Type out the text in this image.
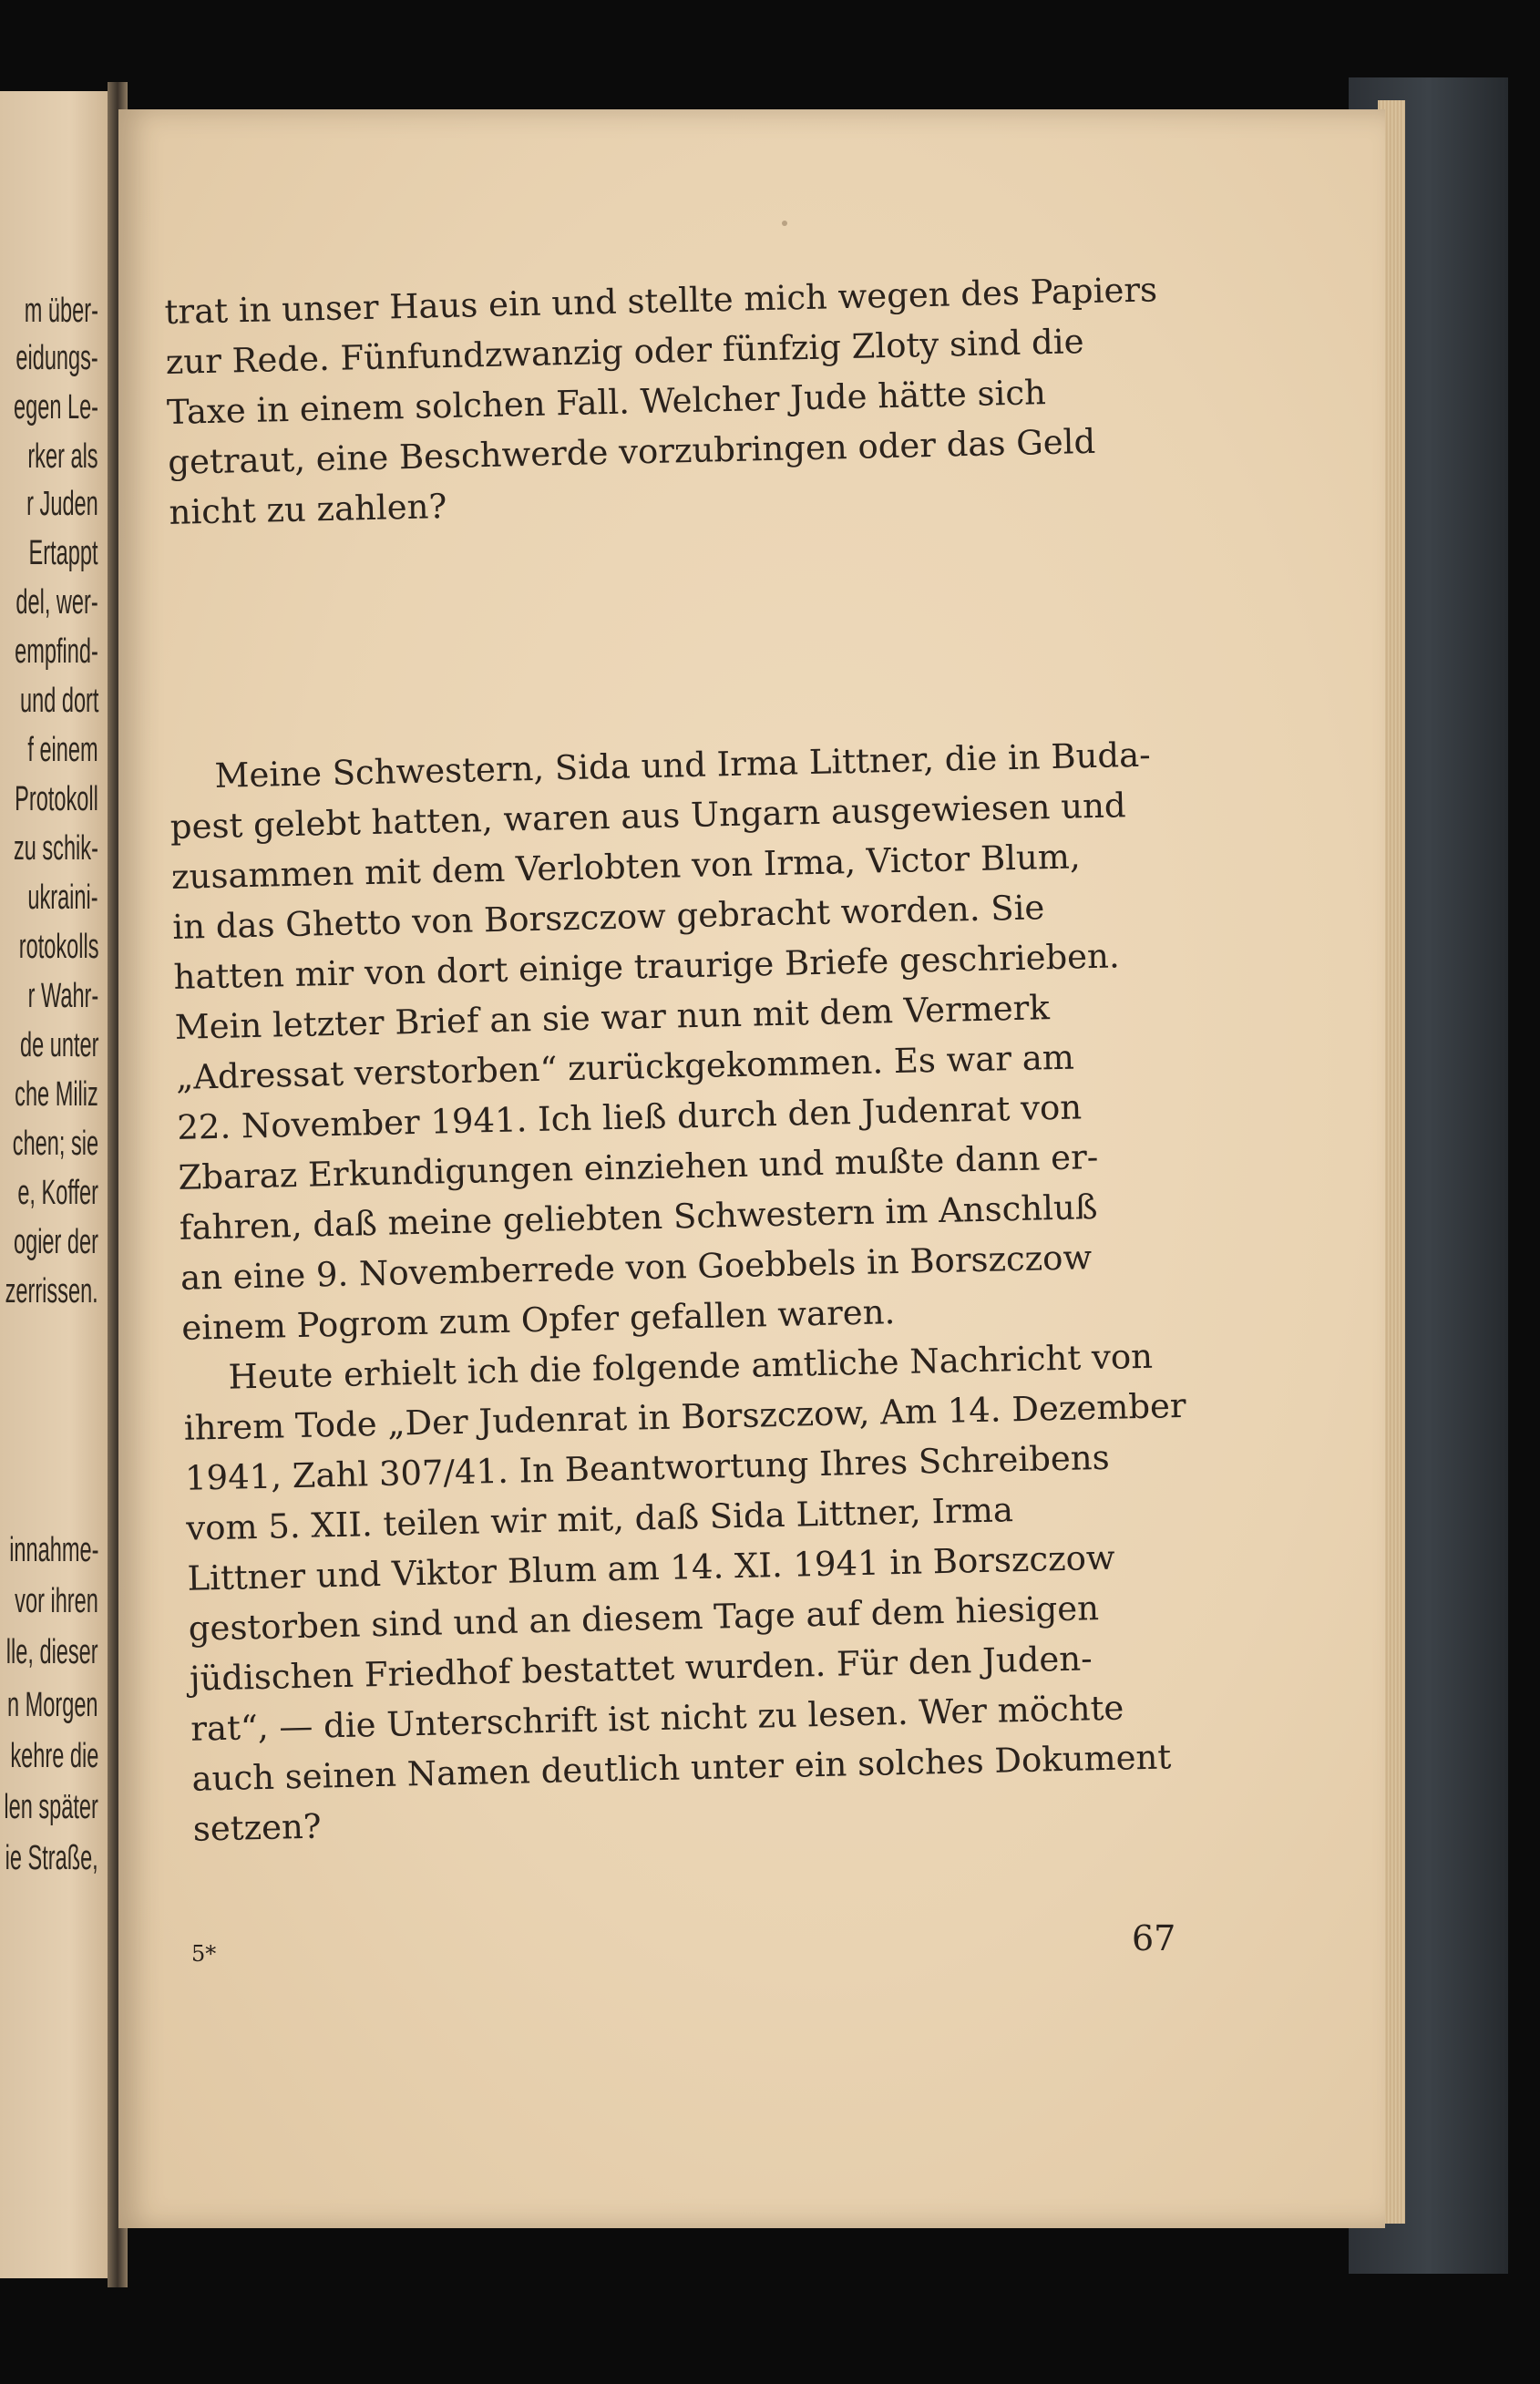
m über-
eidungs-
egen Le-
rker als
r Juden
Ertappt
del, wer-
empfind-
und dort
f einem
Protokoll
zu schik-
ukraini-
rotokolls
r Wahr-
de unter
che Miliz
chen; sie
e, Koffer
ogier der
zerrissen.
innahme-
vor ihren
lle, dieser
n Morgen
kehre die
len später
ie Straße,

trat in unser Haus ein und stellte mich wegen des Papiers

zur Rede. Fünfundzwanzig oder fünfzig Zloty sind die

Taxe in einem solchen Fall. Welcher Jude hätte sich

getraut, eine Beschwerde vorzubringen oder das Geld

nicht zu zahlen?

Meine Schwestern, Sida und Irma Littner, die in Buda-

pest gelebt hatten, waren aus Ungarn ausgewiesen und

zusammen mit dem Verlobten von Irma, Victor Blum,

in das Ghetto von Borszczow gebracht worden. Sie

hatten mir von dort einige traurige Briefe geschrieben.

Mein letzter Brief an sie war nun mit dem Vermerk

„Adressat verstorben“ zurückgekommen. Es war am

22. November 1941. Ich ließ durch den Judenrat von

Zbaraz Erkundigungen einziehen und mußte dann er-

fahren, daß meine geliebten Schwestern im Anschluß

an eine 9. Novemberrede von Goebbels in Borszczow

einem Pogrom zum Opfer gefallen waren.

Heute erhielt ich die folgende amtliche Nachricht von

ihrem Tode „Der Judenrat in Borszczow, Am 14. Dezember

1941, Zahl 307/41. In Beantwortung Ihres Schreibens

vom 5. XII. teilen wir mit, daß Sida Littner, Irma

Littner und Viktor Blum am 14. XI. 1941 in Borszczow

gestorben sind und an diesem Tage auf dem hiesigen

jüdischen Friedhof bestattet wurden. Für den Juden-

rat“, — die Unterschrift ist nicht zu lesen. Wer möchte

auch seinen Namen deutlich unter ein solches Dokument

setzen?

5*	67
